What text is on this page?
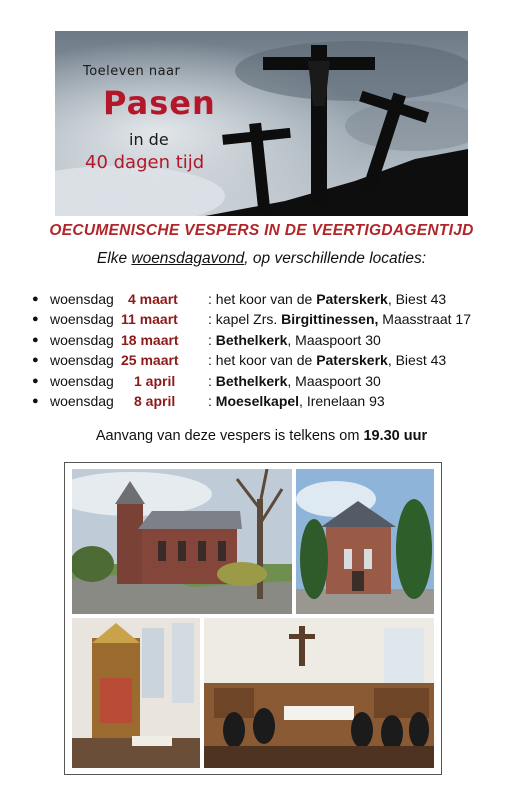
Toeleven naar
Pasen
in de
40 dagen tijd
OECUMENISCHE VESPERS IN DE VEERTIGDAGENTIJD
Elke woensdagavond, op verschillende locaties:
● woensdag 4 maart : het koor van de Paterskerk, Biest 43
● woensdag 11 maart : kapel Zrs. Birgittinessen, Maasstraat 17
● woensdag 18 maart : Bethelkerk, Maaspoort 30
● woensdag 25 maart : het koor van de Paterskerk, Biest 43
● woensdag 1 april : Bethelkerk, Maaspoort 30
● woensdag 8 april : Moeselkapel, Irenelaan 93
Aanvang van deze vespers is telkens om 19.30 uur
